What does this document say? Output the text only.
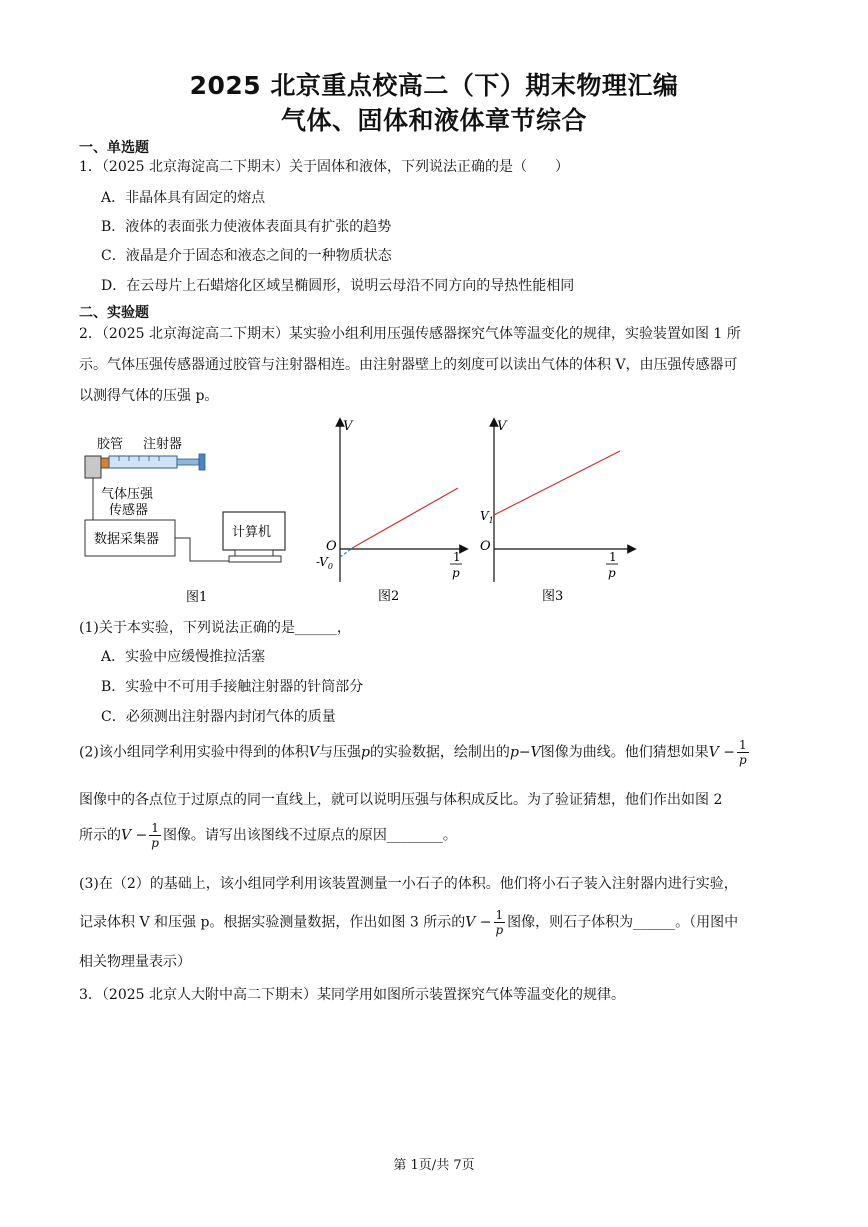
2025 北京重点校高二（下）期末物理汇编
气体、固体和液体章节综合
一、单选题
1．（2025 北京海淀高二下期末）关于固体和液体，下列说法正确的是（　　）
A．非晶体具有固定的熔点
B．液体的表面张力使液体表面具有扩张的趋势
C．液晶是介于固态和液态之间的一种物质状态
D．在云母片上石蜡熔化区域呈椭圆形，说明云母沿不同方向的导热性能相同
二、实验题
2．（2025 北京海淀高二下期末）某实验小组利用压强传感器探究气体等温变化的规律，实验装置如图 1 所
示。气体压强传感器通过胶管与注射器相连。由注射器壁上的刻度可以读出气体的体积 V，由压强传感器可
以测得气体的压强 p。
胶管 注射器
气体压强
传感器
数据采集器	计算机
图1
V
O
$-V_0$
1
p
图2
V
$V_1$
O
1
p
图3
(1)关于本实验，下列说法正确的是______，
A．实验中应缓慢推拉活塞
B．实验中不可用手接触注射器的针筒部分
C．必须测出注射器内封闭气体的质量
(2)该小组同学利用实验中得到的体积V与压强p的实验数据，绘制出的p−V图像为曲线。他们猜想如果$V - \frac{1}{p}$
图像中的各点位于过原点的同一直线上，就可以说明压强与体积成反比。为了验证猜想，他们作出如图 2
所示的$V - \frac{1}{p}$ 图像。请写出该图线不过原点的原因________。
(3)在（2）的基础上，该小组同学利用该装置测量一小石子的体积。他们将小石子装入注射器内进行实验，
记录体积 V 和压强 p。根据实验测量数据，作出如图 3 所示的$V - \frac{1}{p}$ 图像，则石子体积为______。（用图中
相关物理量表示）
3．（2025 北京人大附中高二下期末）某同学用如图所示装置探究气体等温变化的规律。
第 1页/共 7页
